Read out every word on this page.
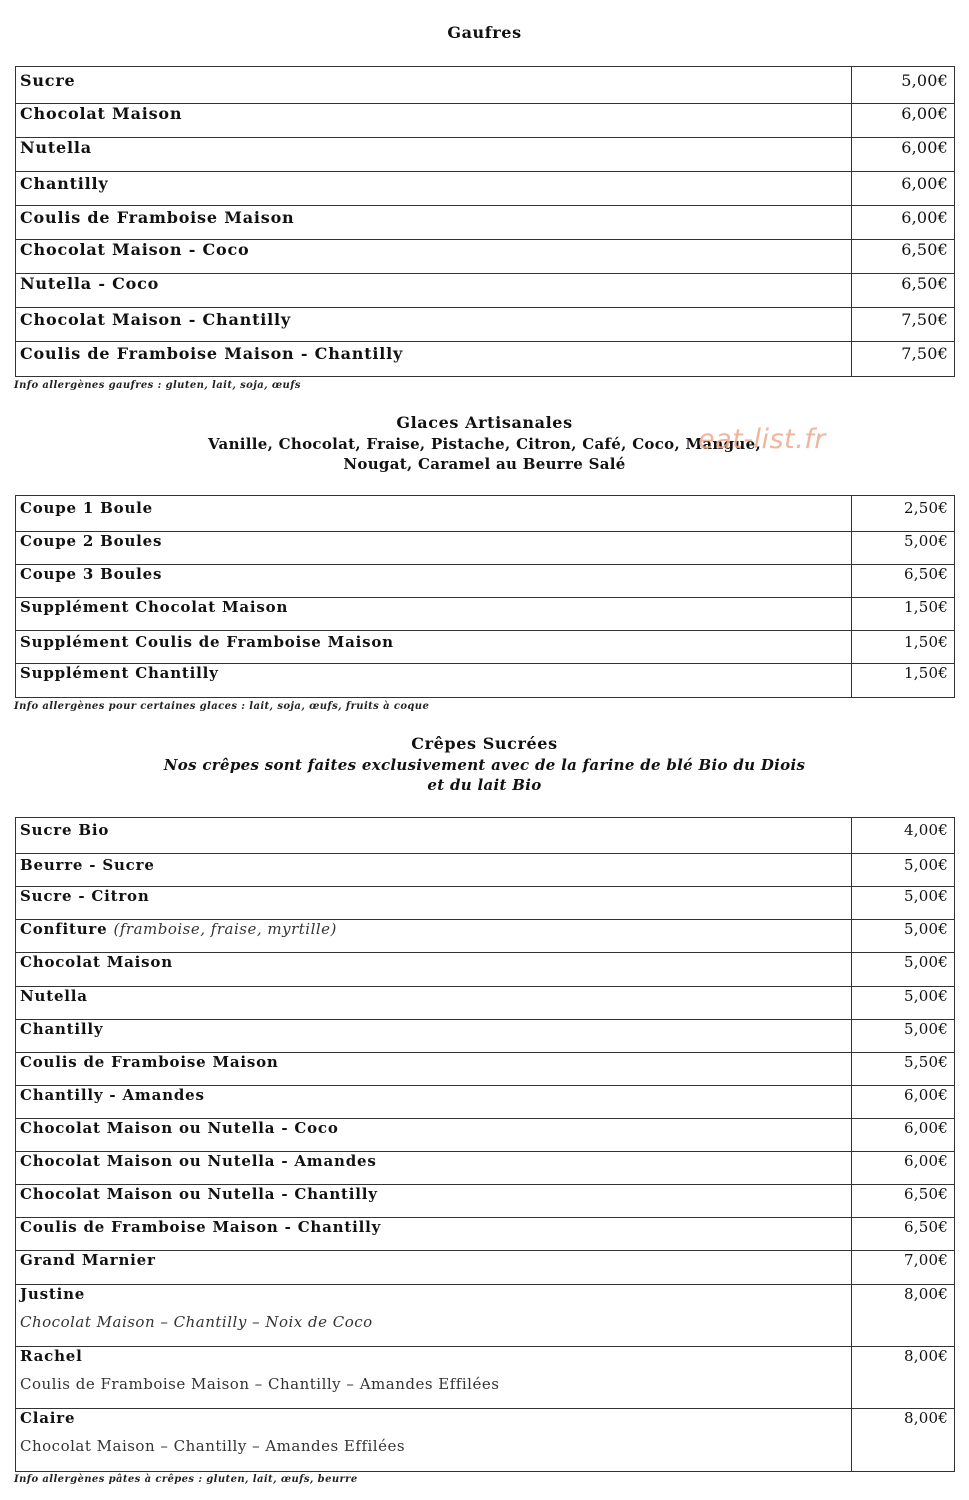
Gaufres
Sucre	5,00€
Chocolat Maison	6,00€
Nutella	6,00€
Chantilly	6,00€
Coulis de Framboise Maison	6,00€
Chocolat Maison - Coco	6,50€
Nutella - Coco	6,50€
Chocolat Maison - Chantilly	7,50€
Coulis de Framboise Maison - Chantilly	7,50€
Info allergènes gaufres : gluten, lait, soja, œufs
Glaces Artisanales
Vanille, Chocolat, Fraise, Pistache, Citron, Café, Coco, Mangue,
Nougat, Caramel au Beurre Salé
eat-list.fr
Coupe 1 Boule	2,50€
Coupe 2 Boules	5,00€
Coupe 3 Boules	6,50€
Supplément Chocolat Maison	1,50€
Supplément Coulis de Framboise Maison	1,50€
Supplément Chantilly	1,50€
Info allergènes pour certaines glaces : lait, soja, œufs, fruits à coque
Crêpes Sucrées
Nos crêpes sont faites exclusivement avec de la farine de blé Bio du Diois
et du lait Bio
Sucre Bio	4,00€
Beurre - Sucre	5,00€
Sucre - Citron	5,00€
Confiture (framboise, fraise, myrtille)	5,00€
Chocolat Maison	5,00€
Nutella	5,00€
Chantilly	5,00€
Coulis de Framboise Maison	5,50€
Chantilly - Amandes	6,00€
Chocolat Maison ou Nutella - Coco	6,00€
Chocolat Maison ou Nutella - Amandes	6,00€
Chocolat Maison ou Nutella - Chantilly	6,50€
Coulis de Framboise Maison - Chantilly	6,50€
Grand Marnier	7,00€
Justine
Chocolat Maison – Chantilly – Noix de Coco	8,00€
Rachel
Coulis de Framboise Maison – Chantilly – Amandes Effilées	8,00€
Claire
Chocolat Maison – Chantilly – Amandes Effilées	8,00€
Info allergènes pâtes à crêpes : gluten, lait, œufs, beurre
